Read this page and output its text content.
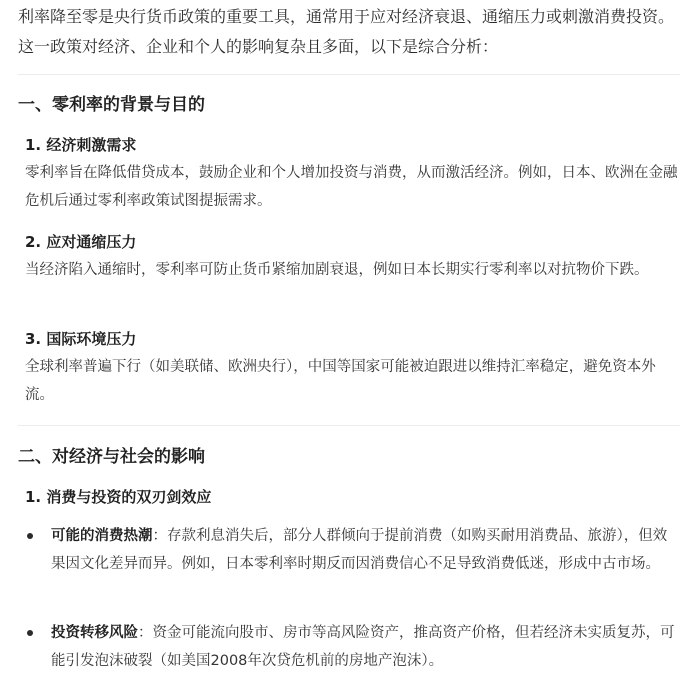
利率降至零是央行货币政策的重要工具，通常用于应对经济衰退、通缩压力或刺激消费投资。这一政策对经济、企业和个人的影响复杂且多面，以下是综合分析：

一、零利率的背景与目的
1. 经济刺激需求

零利率旨在降低借贷成本，鼓励企业和个人增加投资与消费，从而激活经济。例如，日本、欧洲在金融危机后通过零利率政策试图提振需求。

2. 应对通缩压力

当经济陷入通缩时，零利率可防止货币紧缩加剧衰退，例如日本长期实行零利率以对抗物价下跌。

3. 国际环境压力

全球利率普遍下行（如美联储、欧洲央行），中国等国家可能被迫跟进以维持汇率稳定，避免资本外流。

二、对经济与社会的影响
1. 消费与投资的双刃剑效应

可能的消费热潮：存款利息消失后，部分人群倾向于提前消费（如购买耐用消费品、旅游），但效果因文化差异而异。例如，日本零利率时期反而因消费信心不足导致消费低迷，形成中古市场。

投资转移风险：资金可能流向股市、房市等高风险资产，推高资产价格，但若经济未实质复苏，可能引发泡沫破裂（如美国2008年次贷危机前的房地产泡沫）。
